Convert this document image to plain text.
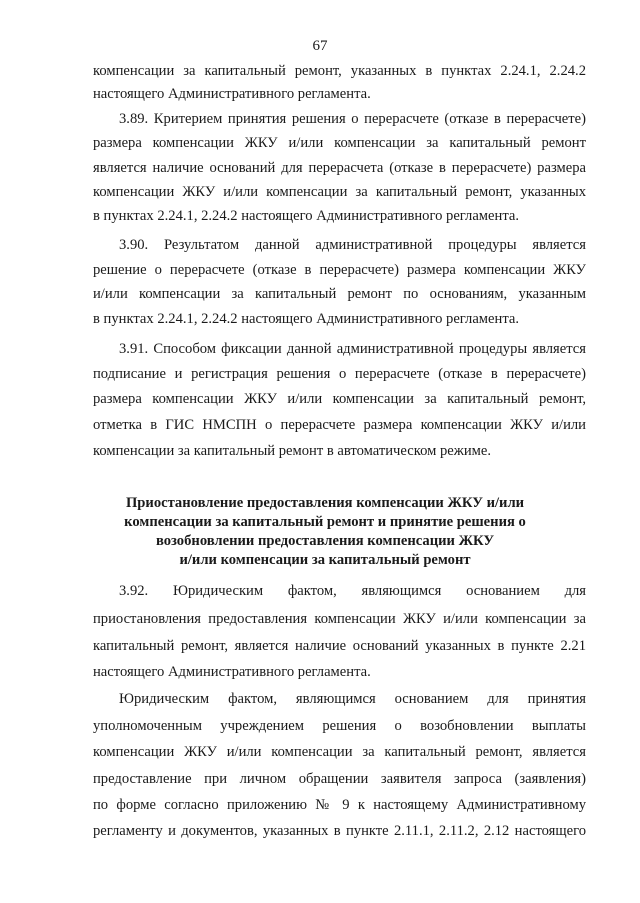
67
компенсации за капитальный ремонт, указанных в пунктах 2.24.1, 2.24.2
настоящего Административного регламента.
3.89. Критерием принятия решения о перерасчете (отказе в перерасчете)
размера компенсации ЖКУ и/или компенсации за капитальный ремонт
является наличие оснований для перерасчета (отказе в перерасчете) размера
компенсации ЖКУ и/или компенсации за капитальный ремонт, указанных
в пунктах 2.24.1, 2.24.2 настоящего Административного регламента.
3.90. Результатом данной административной процедуры является
решение о перерасчете (отказе в перерасчете) размера компенсации ЖКУ
и/или компенсации за капитальный ремонт по основаниям, указанным
в пунктах 2.24.1, 2.24.2 настоящего Административного регламента.
3.91. Способом фиксации данной административной процедуры является
подписание и регистрация решения о перерасчете (отказе в перерасчете)
размера компенсации ЖКУ и/или компенсации за капитальный ремонт,
отметка в ГИС НМСПН о перерасчете размера компенсации ЖКУ и/или
компенсации за капитальный ремонт в автоматическом режиме.
Приостановление предоставления компенсации ЖКУ и/или
компенсации за капитальный ремонт и принятие решения о
возобновлении предоставления компенсации ЖКУ
и/или компенсации за капитальный ремонт
3.92. Юридическим фактом, являющимся основанием для
приостановления предоставления компенсации ЖКУ и/или компенсации за
капитальный ремонт, является наличие оснований указанных в пункте 2.21
настоящего Административного регламента.
Юридическим фактом, являющимся основанием для принятия
уполномоченным учреждением решения о возобновлении выплаты
компенсации ЖКУ и/или компенсации за капитальный ремонт, является
предоставление при личном обращении заявителя запроса (заявления)
по форме согласно приложению № 9 к настоящему Административному
регламенту и документов, указанных в пункте 2.11.1, 2.11.2, 2.12 настоящего
